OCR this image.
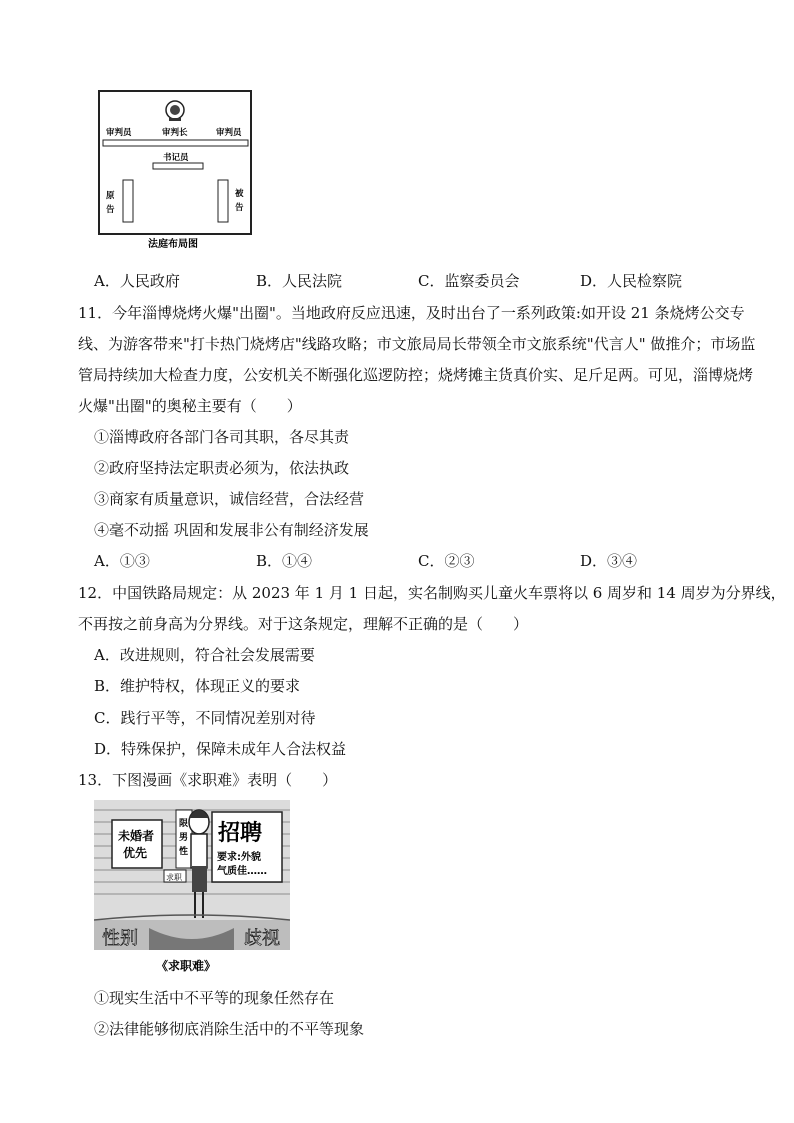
审判员	审判长	审判员
书记员
原
告
被
告
法庭布局图
A．人民政府	B．人民法院	C．监察委员会	D．人民检察院
11．今年淄博烧烤火爆"出圈"。当地政府反应迅速，及时出台了一系列政策:如开设 21 条烧烤公交专
线、为游客带来"打卡热门烧烤店"线路攻略；市文旅局局长带领全市文旅系统"代言人" 做推介；市场监
管局持续加大检查力度，公安机关不断强化巡逻防控；烧烤摊主货真价实、足斤足两。可见，淄博烧烤
火爆"出圈"的奥秘主要有（　　）
①淄博政府各部门各司其职，各尽其责
②政府坚持法定职责必须为，依法执政
③商家有质量意识，诚信经营，合法经营
④毫不动摇 巩固和发展非公有制经济发展
A．①③	B．①④	C．②③	D．③④
12．中国铁路局规定：从 2023 年 1 月 1 日起，实名制购买儿童火车票将以 6 周岁和 14 周岁为分界线，
不再按之前身高为分界线。对于这条规定，理解不正确的是（　　）
A．改进规则，符合社会发展需要
B．维护特权，体现正义的要求
C．践行平等，不同情况差别对待
D．特殊保护，保障未成年人合法权益
13．下图漫画《求职难》表明（　　）
未婚者
优先
限
男
性
招聘
要求:外貌
气质佳……
求职
性别	歧视
《求职难》
①现实生活中不平等的现象任然存在
②法律能够彻底消除生活中的不平等现象
